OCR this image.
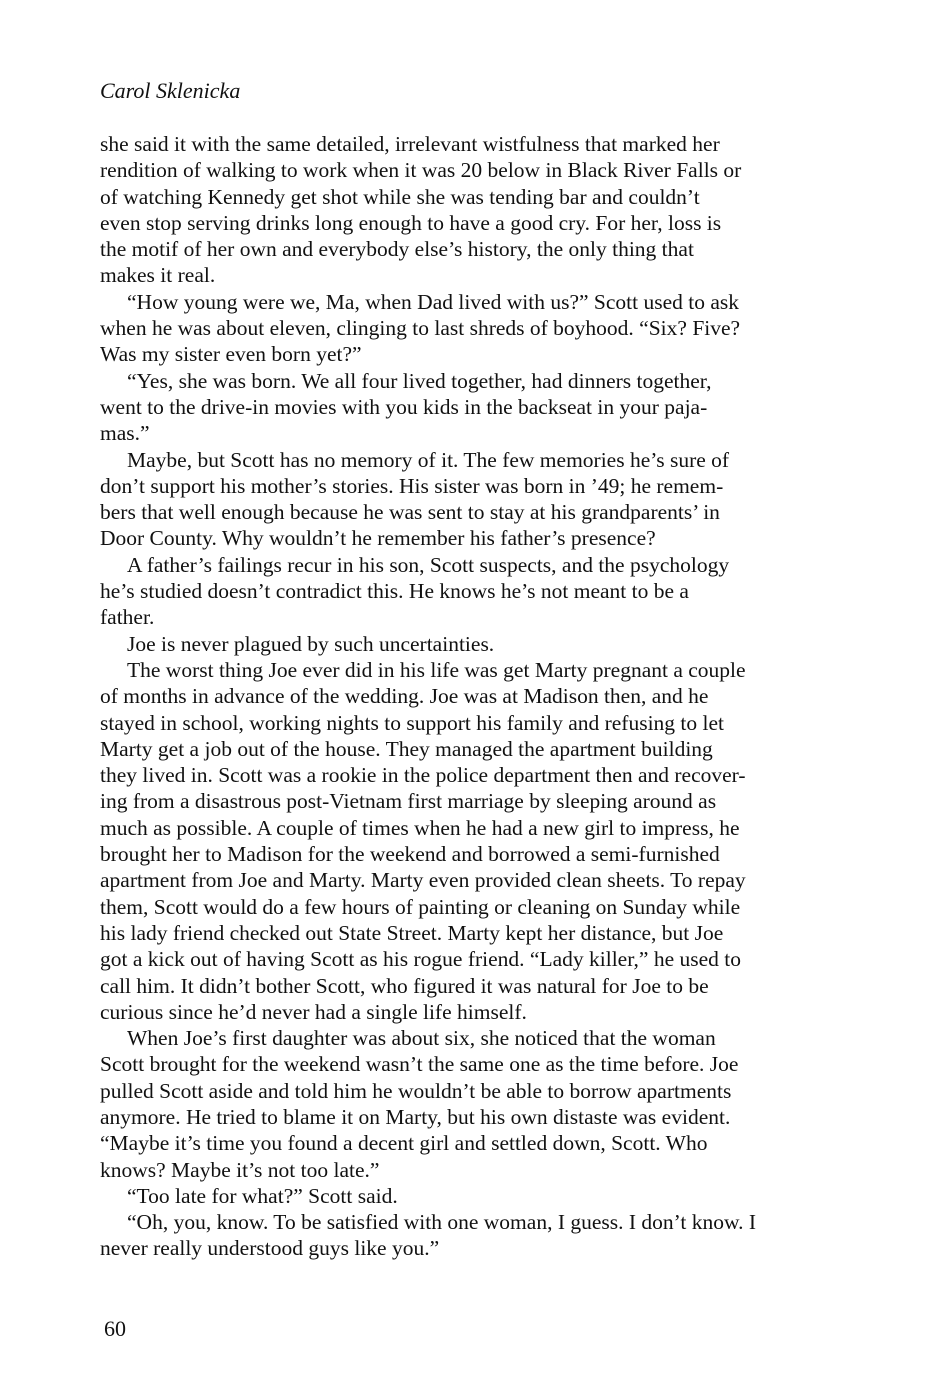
Carol Sklenicka
she said it with the same detailed, irrelevant wistfulness that marked her
rendition of walking to work when it was 20 below in Black River Falls or
of watching Kennedy get shot while she was tending bar and couldn’t
even stop serving drinks long enough to have a good cry. For her, loss is
the motif of her own and everybody else’s history, the only thing that
makes it real.
“How young were we, Ma, when Dad lived with us?” Scott used to ask
when he was about eleven, clinging to last shreds of boyhood. “Six? Five?
Was my sister even born yet?”
“Yes, she was born. We all four lived together, had dinners together,
went to the drive-in movies with you kids in the backseat in your paja-
mas.”
Maybe, but Scott has no memory of it. The few memories he’s sure of
don’t support his mother’s stories. His sister was born in ’49; he remem-
bers that well enough because he was sent to stay at his grandparents’ in
Door County. Why wouldn’t he remember his father’s presence?
A father’s failings recur in his son, Scott suspects, and the psychology
he’s studied doesn’t contradict this. He knows he’s not meant to be a
father.
Joe is never plagued by such uncertainties.
The worst thing Joe ever did in his life was get Marty pregnant a couple
of months in advance of the wedding. Joe was at Madison then, and he
stayed in school, working nights to support his family and refusing to let
Marty get a job out of the house. They managed the apartment building
they lived in. Scott was a rookie in the police department then and recover-
ing from a disastrous post-Vietnam first marriage by sleeping around as
much as possible. A couple of times when he had a new girl to impress, he
brought her to Madison for the weekend and borrowed a semi-furnished
apartment from Joe and Marty. Marty even provided clean sheets. To repay
them, Scott would do a few hours of painting or cleaning on Sunday while
his lady friend checked out State Street. Marty kept her distance, but Joe
got a kick out of having Scott as his rogue friend. “Lady killer,” he used to
call him. It didn’t bother Scott, who figured it was natural for Joe to be
curious since he’d never had a single life himself.
When Joe’s first daughter was about six, she noticed that the woman
Scott brought for the weekend wasn’t the same one as the time before. Joe
pulled Scott aside and told him he wouldn’t be able to borrow apartments
anymore. He tried to blame it on Marty, but his own distaste was evident.
“Maybe it’s time you found a decent girl and settled down, Scott. Who
knows? Maybe it’s not too late.”
“Too late for what?” Scott said.
“Oh, you, know. To be satisfied with one woman, I guess. I don’t know. I
never really understood guys like you.”
60
